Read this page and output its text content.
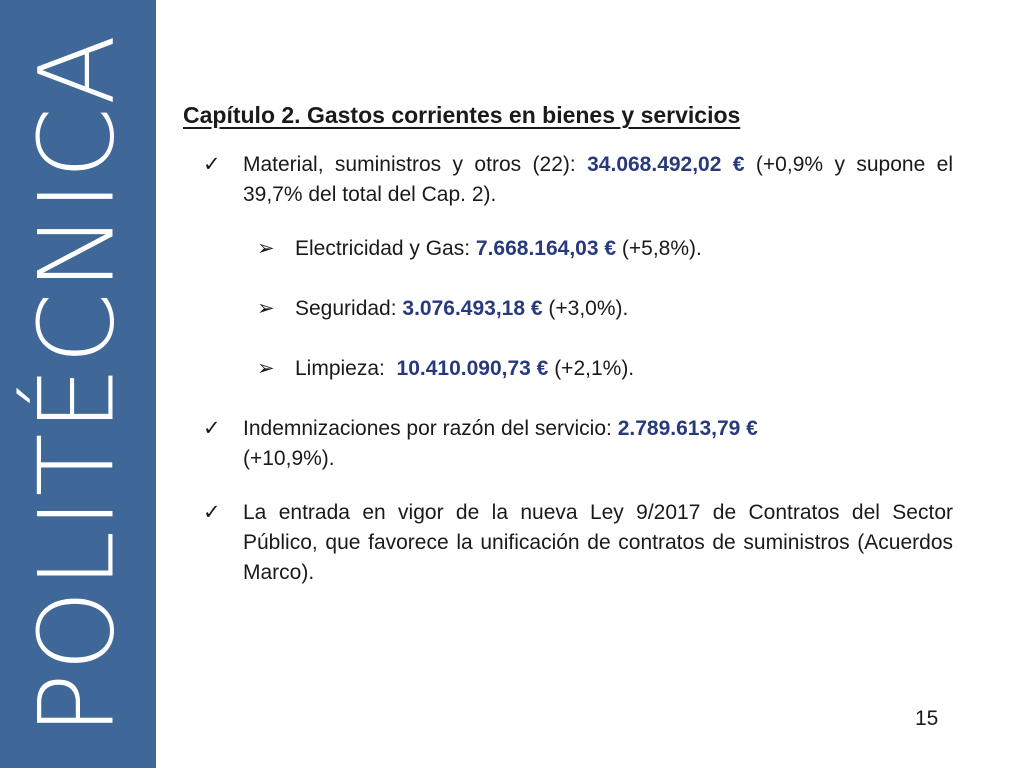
POLITÉCNICA Capítulo 2. Gastos corrientes en bienes y servicios
✓ Material, suministros y otros (22): 34.068.492,02 € (+0,9% y supone el 39,7% del total del Cap. 2).
➢ Electricidad y Gas: 7.668.164,03 € (+5,8%).
➢ Seguridad: 3.076.493,18 € (+3,0%).
➢ Limpieza:  10.410.090,73 € (+2,1%).
✓ Indemnizaciones por razón del servicio: 2.789.613,79 €
(+10,9%).
✓ La entrada en vigor de la nueva Ley 9/2017 de Contratos del Sector Público, que favorece la unificación de contratos de suministros (Acuerdos Marco).
15
